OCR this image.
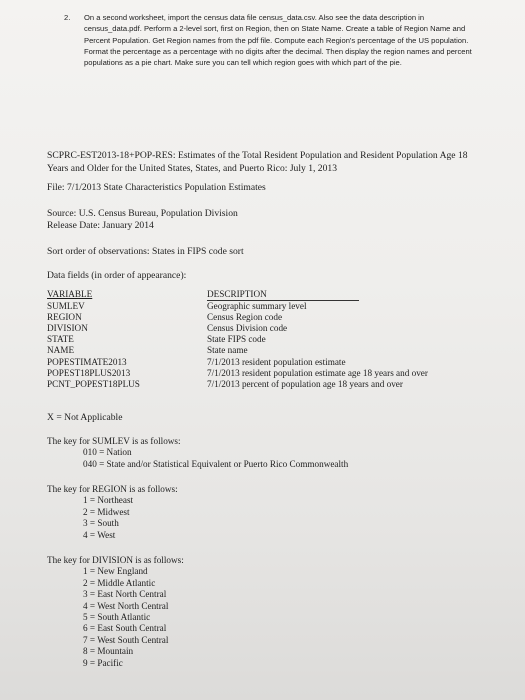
2. On a second worksheet, import the census data file census_data.csv. Also see the data description in census_data.pdf. Perform a 2-level sort, first on Region, then on State Name. Create a table of Region Name and Percent Population. Get Region names from the pdf file. Compute each Region's percentage of the US population. Format the percentage as a percentage with no digits after the decimal. Then display the region names and percent populations as a pie chart. Make sure you can tell which region goes with which part of the pie.

SCPRC-EST2013-18+POP-RES: Estimates of the Total Resident Population and Resident Population Age 18 Years and Older for the United States, States, and Puerto Rico: July 1, 2013
File: 7/1/2013 State Characteristics Population Estimates
Source: U.S. Census Bureau, Population Division
Release Date: January 2014
Sort order of observations: States in FIPS code sort
Data fields (in order of appearance):
VARIABLE	DESCRIPTION
SUMLEV	Geographic summary level
REGION	Census Region code
DIVISION	Census Division code
STATE	State FIPS code
NAME	State name
POPESTIMATE2013	7/1/2013 resident population estimate
POPEST18PLUS2013	7/1/2013 resident population estimate age 18 years and over
PCNT_POPEST18PLUS	7/1/2013 percent of population age 18 years and over
X = Not Applicable
The key for SUMLEV is as follows:
010 = Nation
040 = State and/or Statistical Equivalent or Puerto Rico Commonwealth
The key for REGION is as follows:
1 = Northeast
2 = Midwest
3 = South
4 = West
The key for DIVISION is as follows:
1 = New England
2 = Middle Atlantic
3 = East North Central
4 = West North Central
5 = South Atlantic
6 = East South Central
7 = West South Central
8 = Mountain
9 = Pacific
